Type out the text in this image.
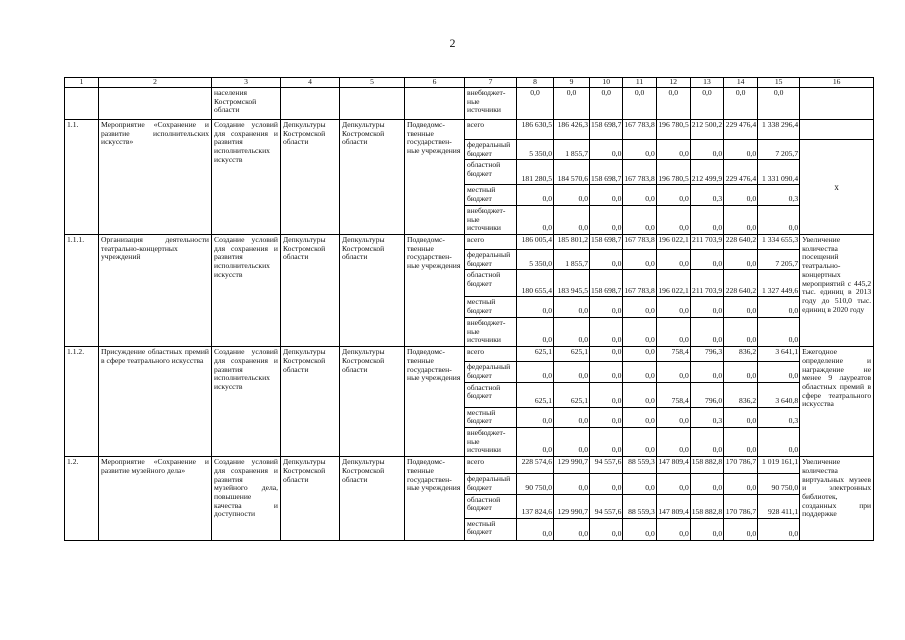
2
1	2	3	4	5	6	7	8	9	10	11	12	13	14	15	16
		населения Костромской области				внебюджет-ные источники	0,0	0,0	0,0	0,0	0,0	0,0	0,0	0,0	
1.1.	Мероприятие «Сохранение и развитие исполнительских искусств»	Создание условий для сохранения и развития исполнительских искусств	Депкультуры Костромской области	Депкультуры Костромской области	Подведомс-твенные государствен-ные учреждения	всего	186 630,5	186 426,3	158 698,7	167 783,8	196 780,5	212 500,2	229 476,4	1 338 296,4	
						федеральный бюджет	5 350,0	1 855,7	0,0	0,0	0,0	0,0	0,0	7 205,7	х
						областной бюджет	181 280,5	184 570,6	158 698,7	167 783,8	196 780,5	212 499,9	229 476,4	1 331 090,4	
						местный бюджет	0,0	0,0	0,0	0,0	0,0	0,3	0,0	0,3	
						внебюджет-ные источники	0,0	0,0	0,0	0,0	0,0	0,0	0,0	0,0	
1.1.1.	Организация деятельности театрально-концертных учреждений	Создание условий для сохранения и развития исполнительских искусств	Депкультуры Костромской области	Депкультуры Костромской области	Подведомс-твенные государствен-ные учреждения	всего	186 005,4	185 801,2	158 698,7	167 783,8	196 022,1	211 703,9	228 640,2	1 334 655,3	Увеличение количества посещений театрально-концертных мероприятий с 445,2 тыс. единиц в 2013 году до 510,0 тыс. единиц в 2020 году
						федеральный бюджет	5 350,0	1 855,7	0,0	0,0	0,0	0,0	0,0	7 205,7	
						областной бюджет	180 655,4	183 945,5	158 698,7	167 783,8	196 022,1	211 703,9	228 640,2	1 327 449,6	
						местный бюджет	0,0	0,0	0,0	0,0	0,0	0,0	0,0	0,0	
						внебюджет-ные источники	0,0	0,0	0,0	0,0	0,0	0,0	0,0	0,0	
1.1.2.	Присуждение областных премий в сфере театрального искусства	Создание условий для сохранения и развития исполнительских искусств	Депкультуры Костромской области	Депкультуры Костромской области	Подведомс-твенные государствен-ные учреждения	всего	625,1	625,1	0,0	0,0	758,4	796,3	836,2	3 641,1	Ежегодное определение и награждение не менее 9 лауреатов областных премий в сфере театрального искусства
						федеральный бюджет	0,0	0,0	0,0	0,0	0,0	0,0	0,0	0,0	
						областной бюджет	625,1	625,1	0,0	0,0	758,4	796,0	836,2	3 640,8	
						местный бюджет	0,0	0,0	0,0	0,0	0,0	0,3	0,0	0,3	
						внебюджет-ные источники	0,0	0,0	0,0	0,0	0,0	0,0	0,0	0,0	
1.2.	Мероприятие «Сохранение и развитие музейного дела»	Создание условий для сохранения и развития музейного дела, повышение качества и доступности	Депкультуры Костромской области	Депкультуры Костромской области	Подведомс-твенные государствен-ные учреждения	всего	228 574,6	129 990,7	94 557,6	88 559,3	147 809,4	158 882,8	170 786,7	1 019 161,1	Увеличение количества виртуальных музеев и электронных библиотек, созданных при поддержке
						федеральный бюджет	90 750,0	0,0	0,0	0,0	0,0	0,0	0,0	90 750,0	
						областной бюджет	137 824,6	129 990,7	94 557,6	88 559,3	147 809,4	158 882,8	170 786,7	928 411,1	
						местный бюджет	0,0	0,0	0,0	0,0	0,0	0,0	0,0	0,0	
